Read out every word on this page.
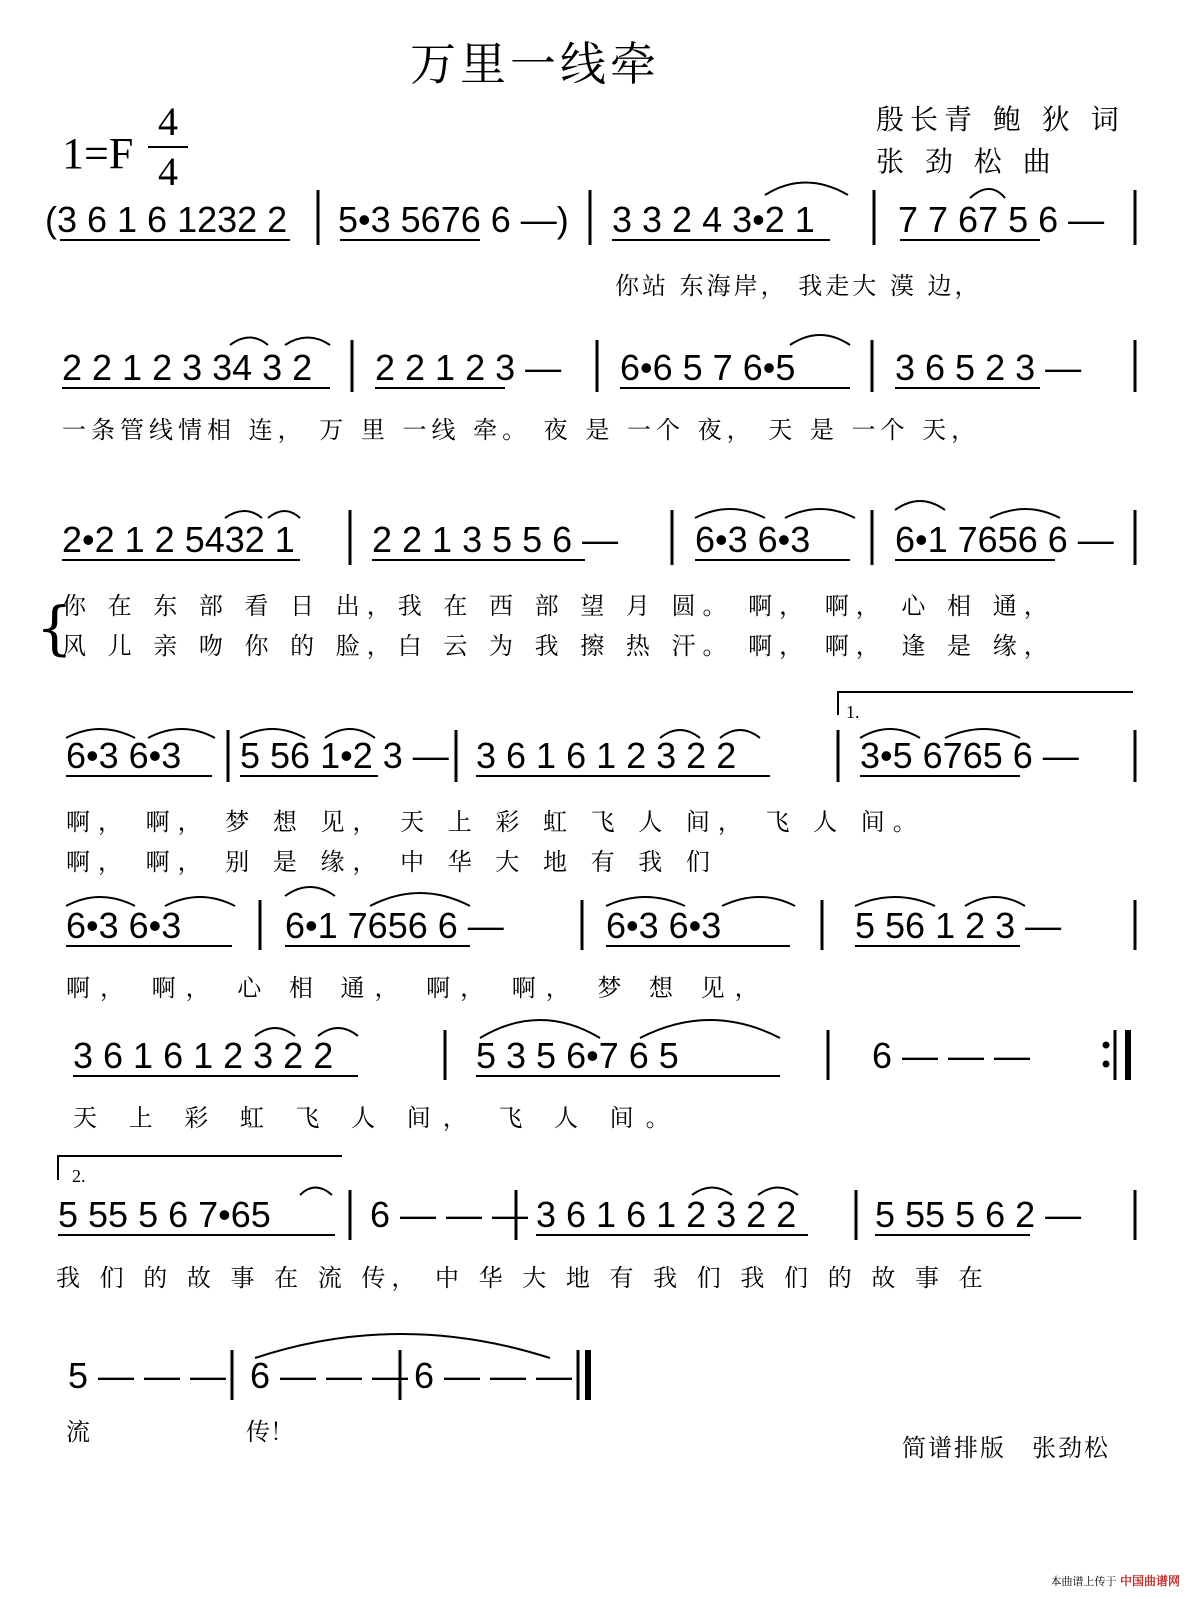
万里一线牵
1=F
4
4
殷长青 鲍 狄 词
张 劲 松 曲
(3 6 1 6 1232 2 5•3 5676 6 —) 3 3 2 4 3•2 1 7 7 67 5 6 —
2 2 1 2 3 34 3 2 2 2 1 2 3 — 6•6 5 7 6•5	3 6 5 2 3 —
2•2 1 2 5432 1 2 2 1 3 5 5 6 — 6•3 6•3 6•1 7656 6 —
6•3 6•3 5 56 1•2 3 — 3 6 1 6 1 2 3 2 2	3•5 6765 6 —
6•3 6•3	6•1 7656 6 —	6•3 6•3	5 56 1 2 3 —
3 6 1 6 1 2 3 2 2	5 3 5 6•7 6 5	6 — — —
5 55 5 6 7•65	6 — — — 3 6 1 6 1 2 3 2 2 5 55 5 6 2 —
5 — — — 6 — — — 6 — — —
1.
2.
你站 东海岸， 我走大 漠 边，
一条管线情相 连， 万 里 一线 牵。 夜 是 一个 夜， 天 是 一个 天，
{
你 在 东 部 看 日 出，我 在 西 部 望 月 圆。 啊， 啊， 心 相 通，
风 儿 亲 吻 你 的 脸，白 云 为 我 擦 热 汗。 啊， 啊， 逢 是 缘，
啊， 啊， 梦 想 见， 天 上 彩 虹 飞 人 间， 飞 人 间。
啊， 啊， 别 是 缘， 中 华 大 地 有 我 们
啊， 啊， 心 相 通， 啊， 啊， 梦 想 见，
天 上 彩 虹 飞 人 间， 飞 人 间。
我 们 的 故 事 在 流 传， 中 华 大 地 有 我 们 我 们 的 故 事 在
流	传！
简谱排版　张劲松
本曲谱上传于 中国曲谱网
